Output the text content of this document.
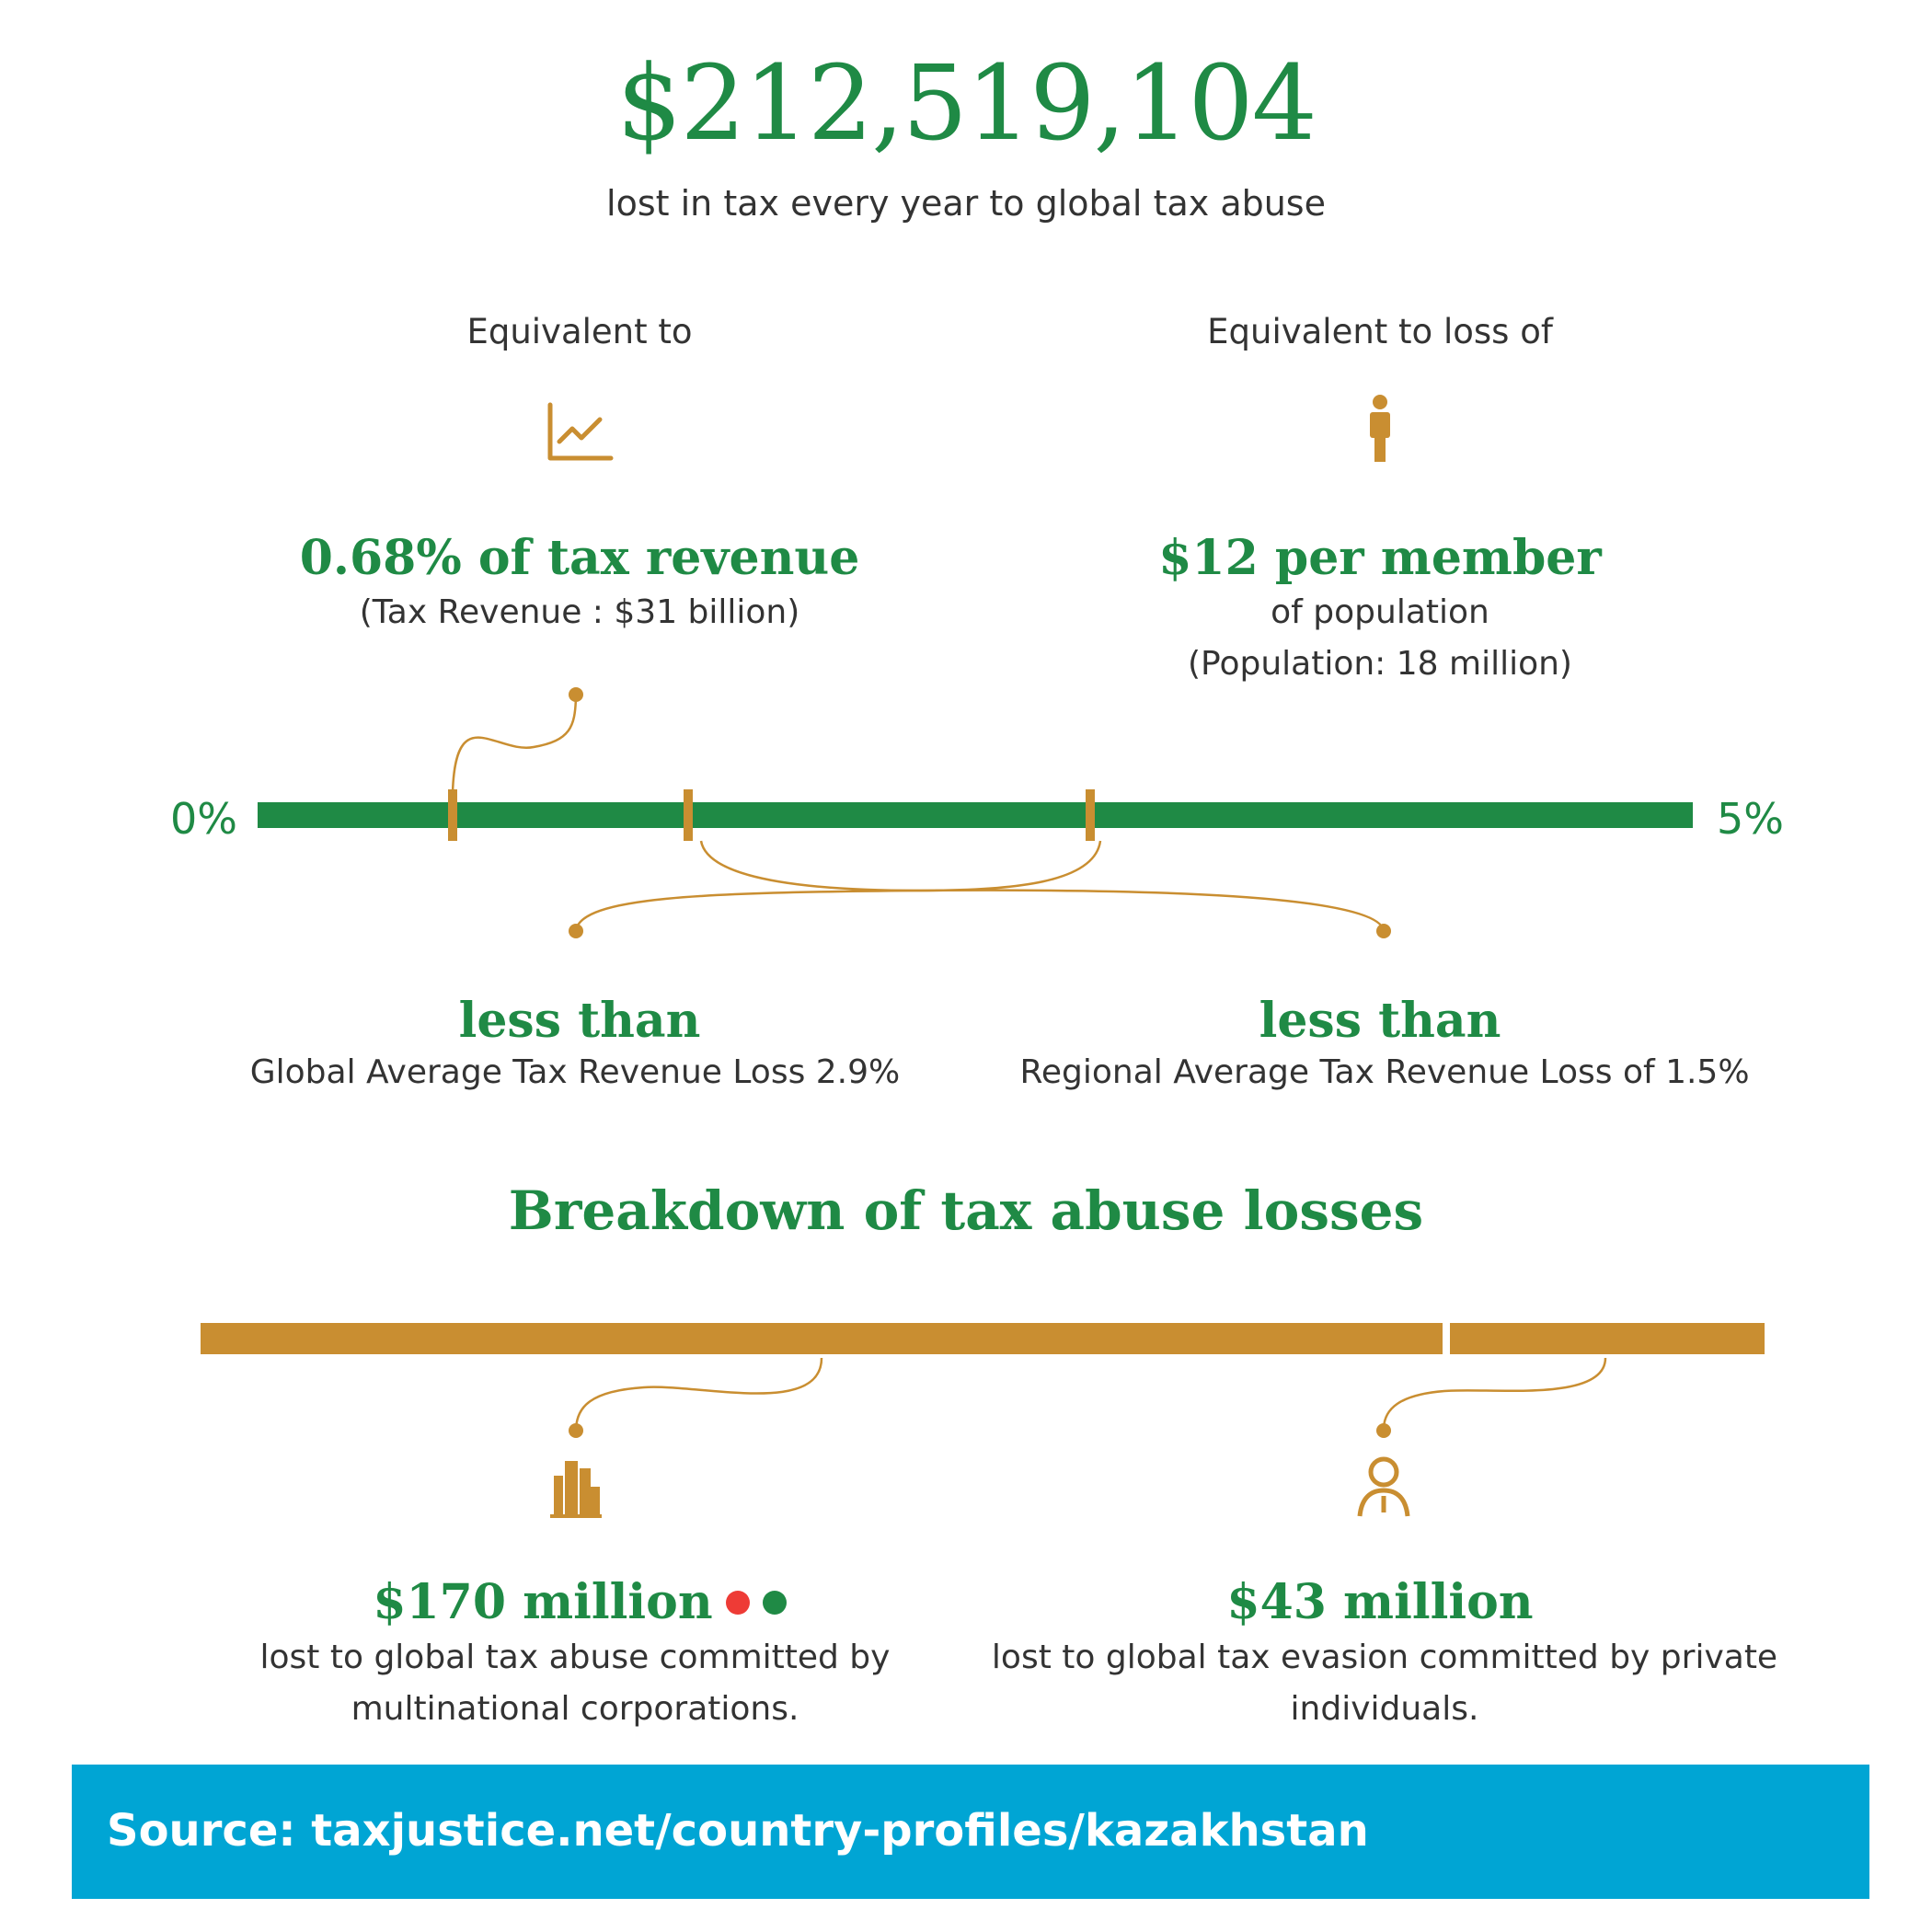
$212,519,104
lost in tax every year to global tax abuse
Equivalent to
0.68% of tax revenue
(Tax Revenue : $31 billion)
Equivalent to loss of
$12 per member
of population
(Population: 18 million)
0%	5%
less than
Global Average Tax Revenue Loss 2.9%
less than
Regional Average Tax Revenue Loss of 1.5%
Breakdown of tax abuse losses
$170 million
lost to global tax abuse committed by
multinational corporations.
$43 million
lost to global tax evasion committed by private
individuals.
Source: taxjustice.net/country-profiles/kazakhstan
